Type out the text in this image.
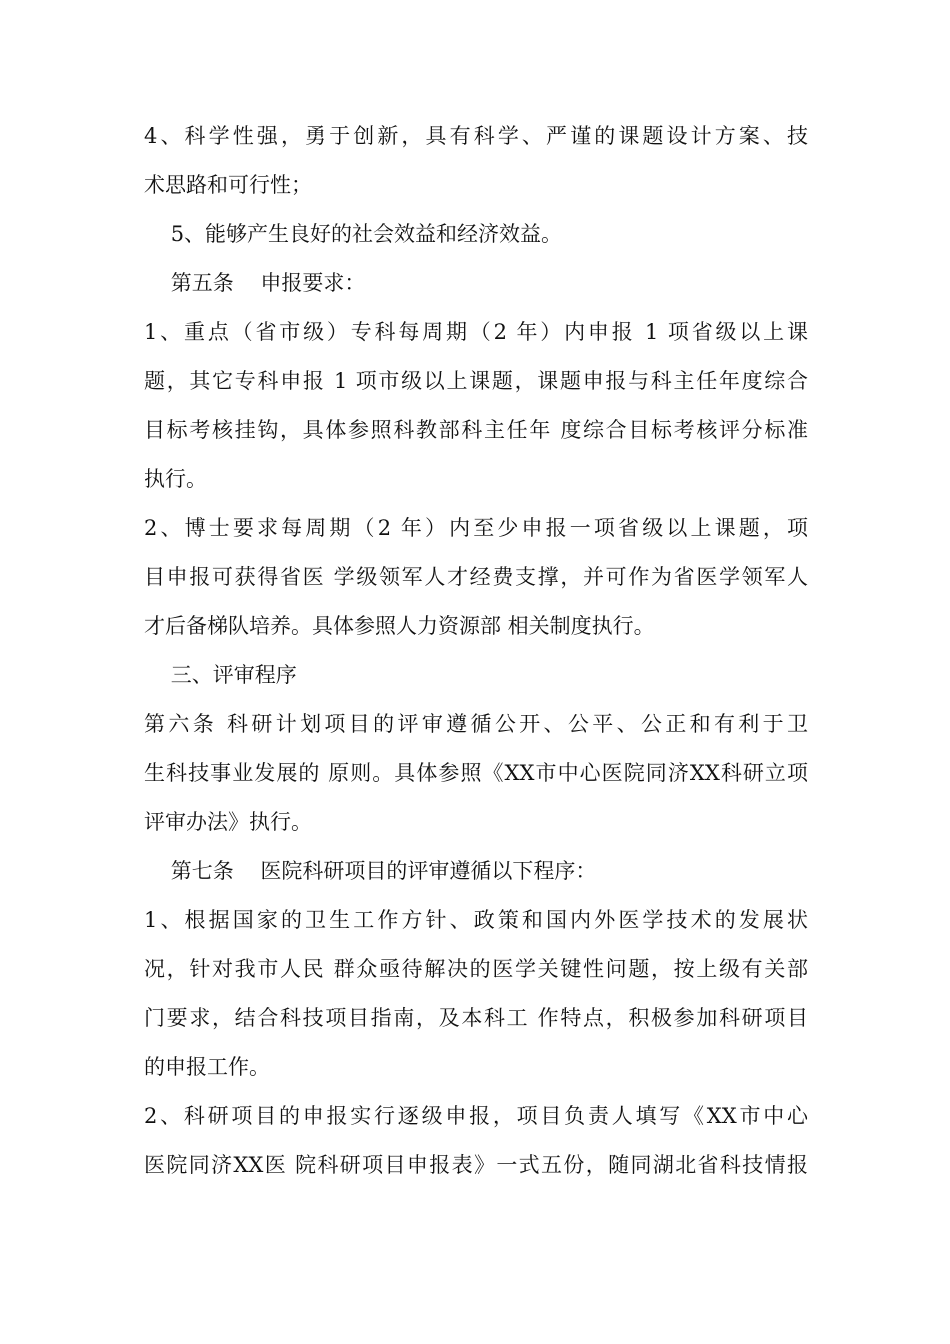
4、科学性强，勇于创新，具有科学、严谨的课题设计方案、技
术思路和可行性；
5、能够产生良好的社会效益和经济效益。
第五条    申报要求：
1、重点（省市级）专科每周期（2 年）内申报 1 项省级以上课
题，其它专科申报 1 项市级以上课题，课题申报与科主任年度综合
目标考核挂钩，具体参照科教部科主任年 度综合目标考核评分标准
执行。
2、博士要求每周期（2 年）内至少申报一项省级以上课题，项
目申报可获得省医 学级领军人才经费支撑，并可作为省医学领军人
才后备梯队培养。具体参照人力资源部 相关制度执行。
三、评审程序
第六条 科研计划项目的评审遵循公开、公平、公正和有利于卫
生科技事业发展的 原则。具体参照《XX市中心医院同济XX科研立项
评审办法》执行。
第七条    医院科研项目的评审遵循以下程序：
1、根据国家的卫生工作方针、政策和国内外医学技术的发展状
况，针对我市人民 群众亟待解决的医学关键性问题，按上级有关部
门要求，结合科技项目指南，及本科工 作特点，积极参加科研项目
的申报工作。
2、科研项目的申报实行逐级申报，项目负责人填写《XX市中心
医院同济XX医 院科研项目申报表》一式五份，随同湖北省科技情报
